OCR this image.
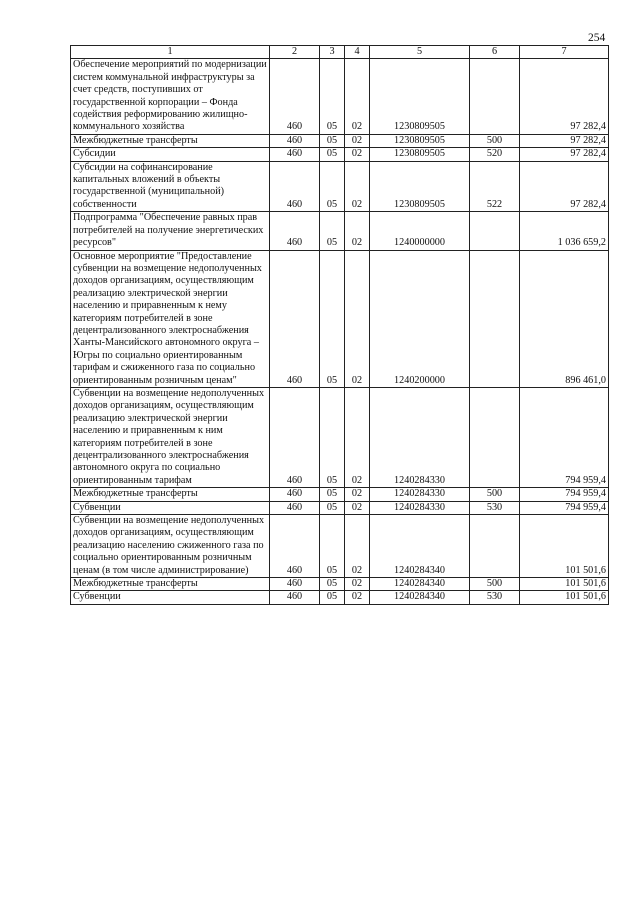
254
1	2	3	4	5	6	7
Обеспечение мероприятий по модернизации систем коммунальной инфраструктуры за счет средств, поступивших от государственной корпорации – Фонда содействия реформированию жилищно-коммунального хозяйства	460	05	02	1230809505		97 282,4
Межбюджетные трансферты	460	05	02	1230809505	500	97 282,4
Субсидии	460	05	02	1230809505	520	97 282,4
Субсидии на софинансирование капитальных вложений в объекты государственной (муниципальной) собственности	460	05	02	1230809505	522	97 282,4
Подпрограмма "Обеспечение равных прав потребителей на получение энергетических ресурсов"	460	05	02	1240000000		1 036 659,2
Основное мероприятие "Предоставление субвенции на возмещение недополученных доходов организациям, осуществляющим реализацию электрической энергии населению и приравненным к нему категориям потребителей в зоне децентрализованного электроснабжения Ханты-Мансийского автономного округа – Югры по социально ориентированным тарифам и сжиженного газа по социально ориентированным розничным ценам"	460	05	02	1240200000		896 461,0
Субвенции на возмещение недополученных доходов организациям, осуществляющим реализацию электрической энергии населению и приравненным к ним категориям потребителей в зоне децентрализованного электроснабжения автономного округа по социально ориентированным тарифам	460	05	02	1240284330		794 959,4
Межбюджетные трансферты	460	05	02	1240284330	500	794 959,4
Субвенции	460	05	02	1240284330	530	794 959,4
Субвенции на возмещение недополученных доходов организациям, осуществляющим реализацию населению сжиженного газа по социально ориентированным розничным ценам (в том числе администрирование)	460	05	02	1240284340		101 501,6
Межбюджетные трансферты	460	05	02	1240284340	500	101 501,6
Субвенции	460	05	02	1240284340	530	101 501,6
